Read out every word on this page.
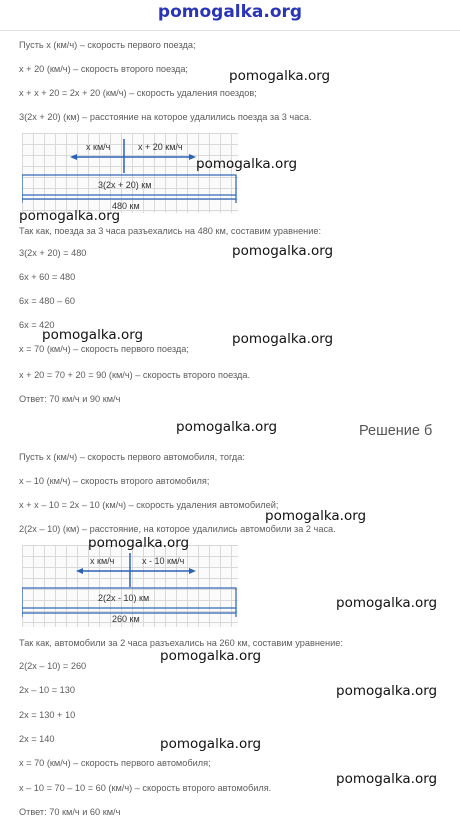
pomogalka.org
Пусть x (км/ч) – скорость первого поезда;
x + 20 (км/ч) – скорость второго поезда;
x + x + 20 = 2x + 20 (км/ч) – скорость удаления поездов;
3(2x + 20) (км) – расстояние на которое удалились поезда за 3 часа.
x км/ч	x + 20 км/ч
3(2x + 20) км
480 км
Так как, поезда за 3 часа разъехались на 480 км, составим уравнение:
3(2x + 20) = 480
6x + 60 = 480
6x = 480 – 60
6x = 420
x = 70 (км/ч) – скорость первого поезда;
x + 20 = 70 + 20 = 90 (км/ч) – скорость второго поезда.
Ответ: 70 км/ч и 90 км/ч
Решение б
Пусть x (км/ч) – скорость первого автомобиля, тогда:
x – 10 (км/ч) – скорость второго автомобиля;
x + x – 10 = 2x – 10 (км/ч) – скорость удаления автомобилей;
2(2x – 10) (км) – расстояние, на которое удалились автомобили за 2 часа.
x км/ч	x - 10 км/ч
2(2x - 10) км
260 км
Так как, автомобили за 2 часа разъехались на 260 км, составим уравнение:
2(2x – 10) = 260
2x – 10 = 130
2x = 130 + 10
2x = 140
x = 70 (км/ч) – скорость первого автомобиля;
x – 10 = 70 – 10 = 60 (км/ч) – скорость второго автомобиля.
Ответ: 70 км/ч и 60 км/ч
pomogalka.org
pomogalka.org
pomogalka.org
pomogalka.org
pomogalka.org	pomogalka.org
pomogalka.org
pomogalka.org
pomogalka.org
pomogalka.org
pomogalka.org
pomogalka.org
pomogalka.org
pomogalka.org
